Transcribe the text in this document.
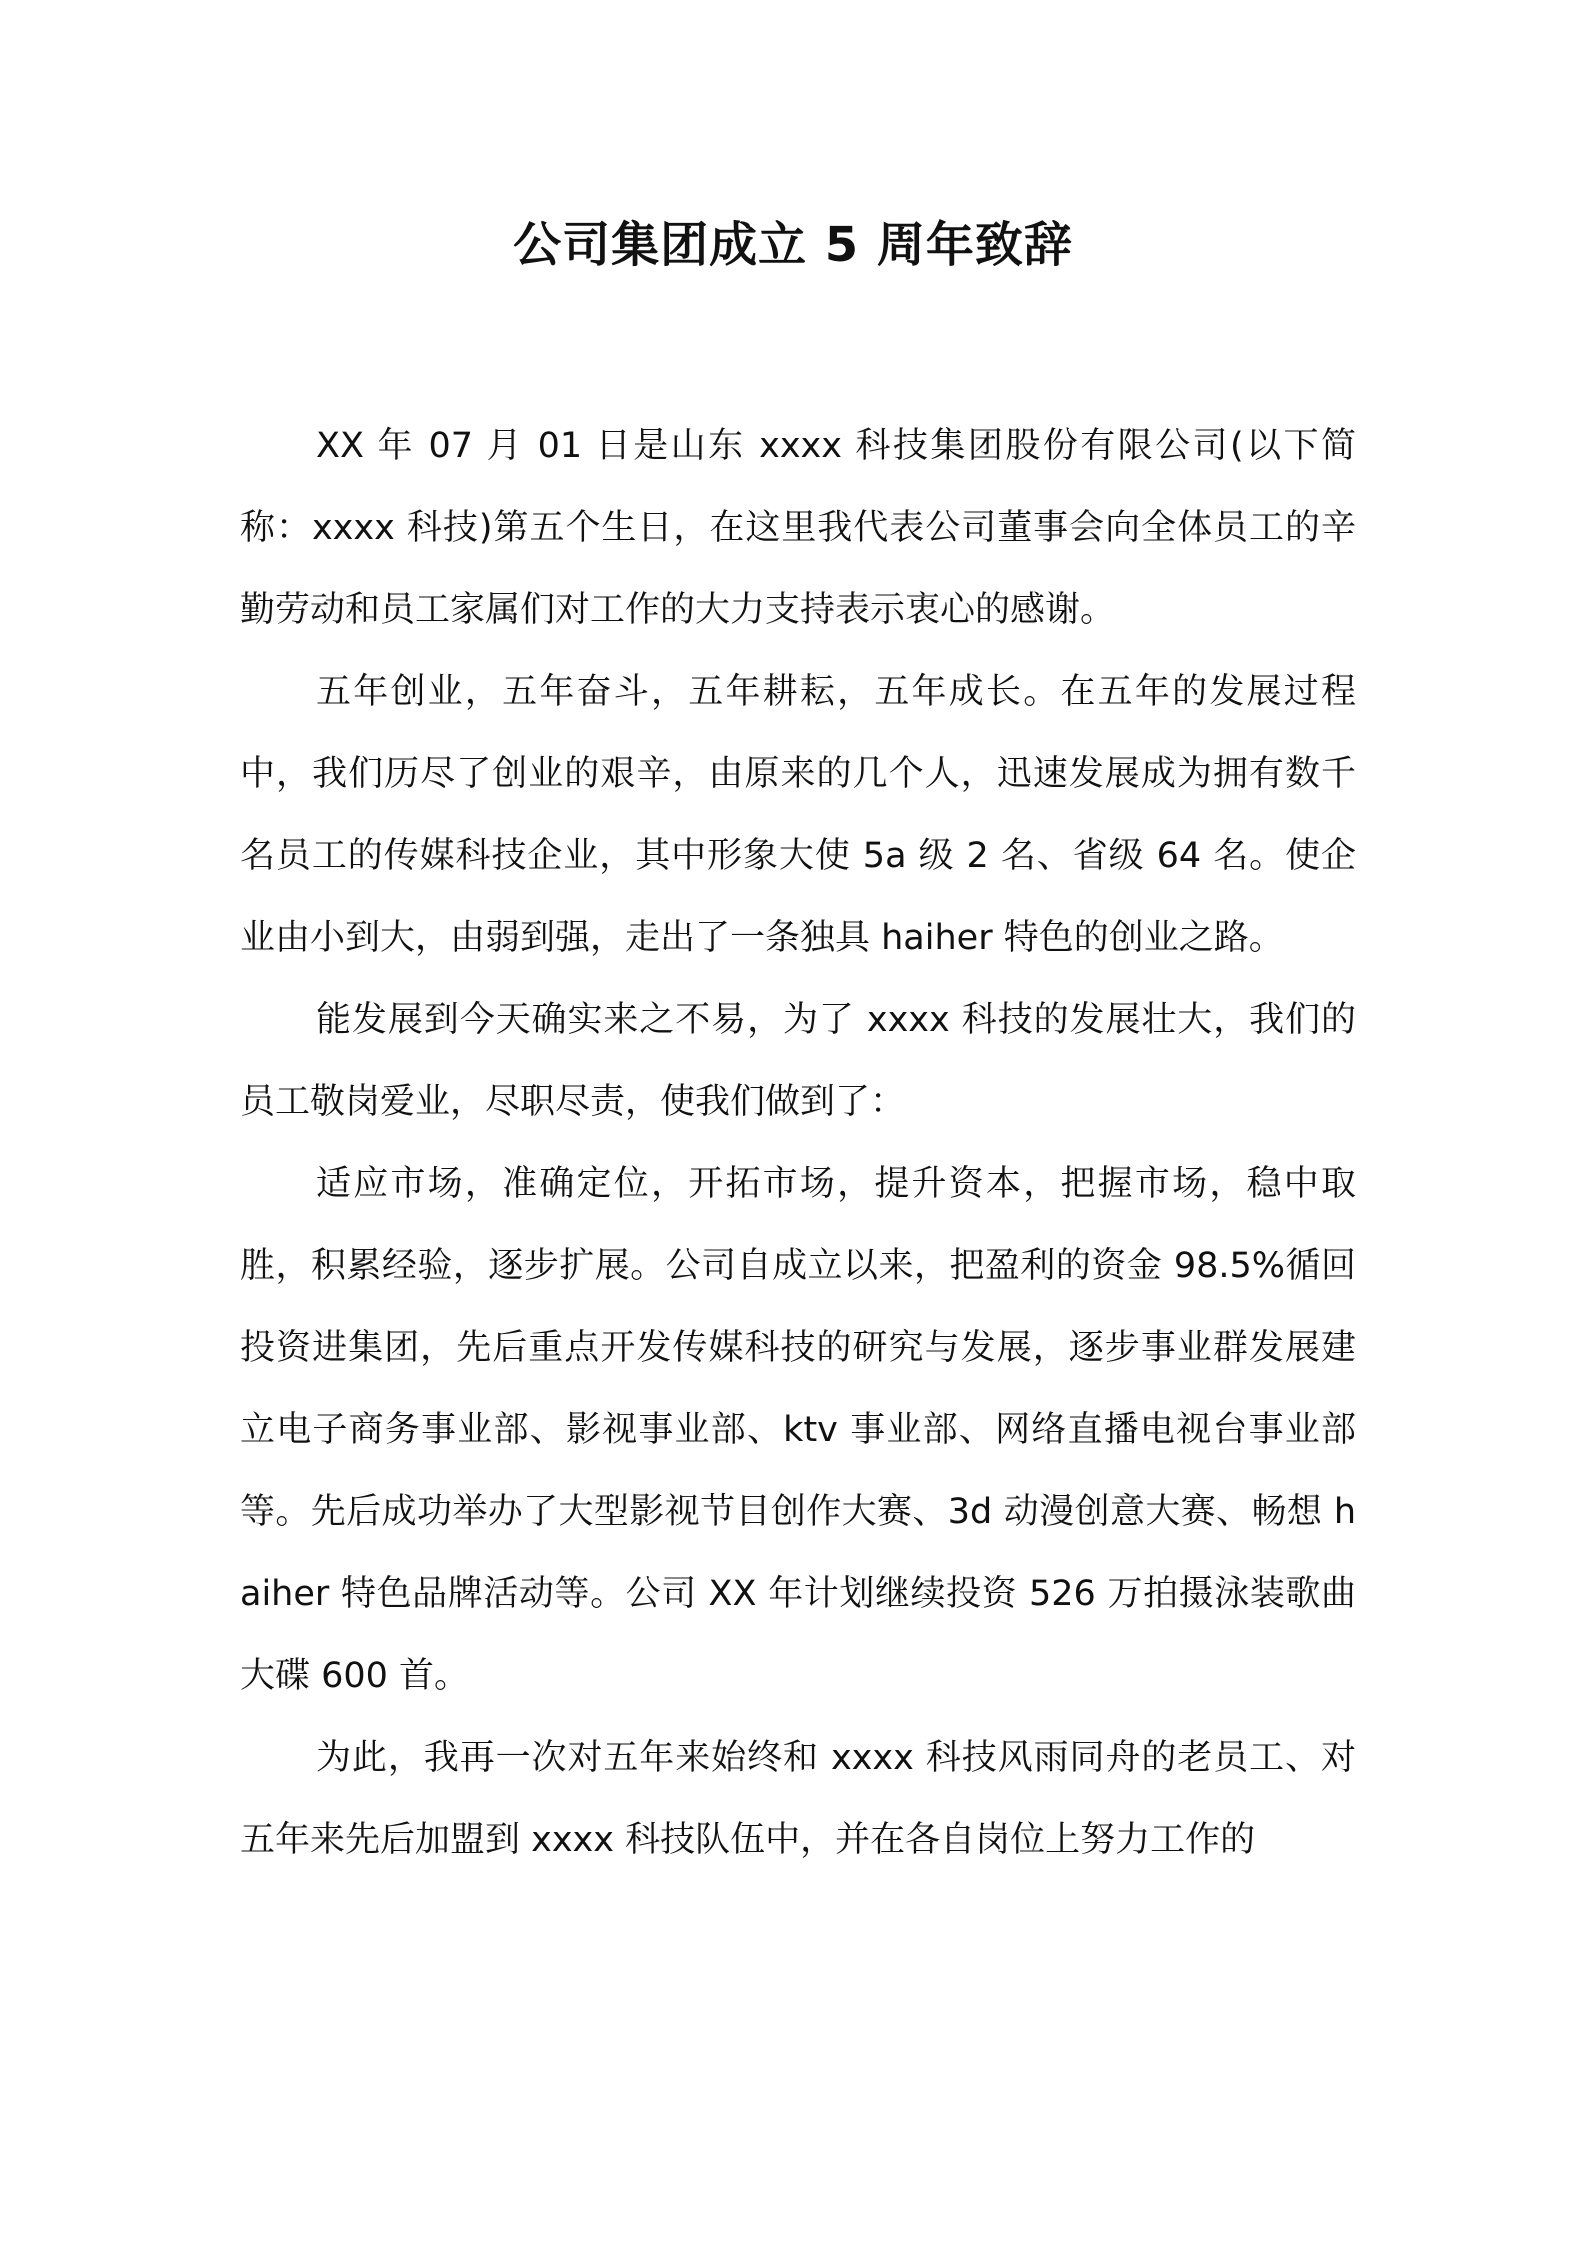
公司集团成立 5 周年致辞

XX 年 07 月 01 日是山东 xxxx 科技集团股份有限公司(以下简称：xxxx 科技)第五个生日，在这里我代表公司董事会向全体员工的辛勤劳动和员工家属们对工作的大力支持表示衷心的感谢。

五年创业，五年奋斗，五年耕耘，五年成长。在五年的发展过程中，我们历尽了创业的艰辛，由原来的几个人，迅速发展成为拥有数千名员工的传媒科技企业，其中形象大使 5a 级 2 名、省级 64 名。使企业由小到大，由弱到强，走出了一条独具 haiher 特色的创业之路。

能发展到今天确实来之不易，为了 xxxx 科技的发展壮大，我们的员工敬岗爱业，尽职尽责，使我们做到了：

适应市场，准确定位，开拓市场，提升资本，把握市场，稳中取胜，积累经验，逐步扩展。公司自成立以来，把盈利的资金 98.5%循回投资进集团，先后重点开发传媒科技的研究与发展，逐步事业群发展建立电子商务事业部、影视事业部、ktv 事业部、网络直播电视台事业部等。先后成功举办了大型影视节目创作大赛、3d 动漫创意大赛、畅想 haiher 特色品牌活动等。公司 XX 年计划继续投资 526 万拍摄泳装歌曲大碟 600 首。

为此，我再一次对五年来始终和 xxxx 科技风雨同舟的老员工、对五年来先后加盟到 xxxx 科技队伍中，并在各自岗位上努力工作的
